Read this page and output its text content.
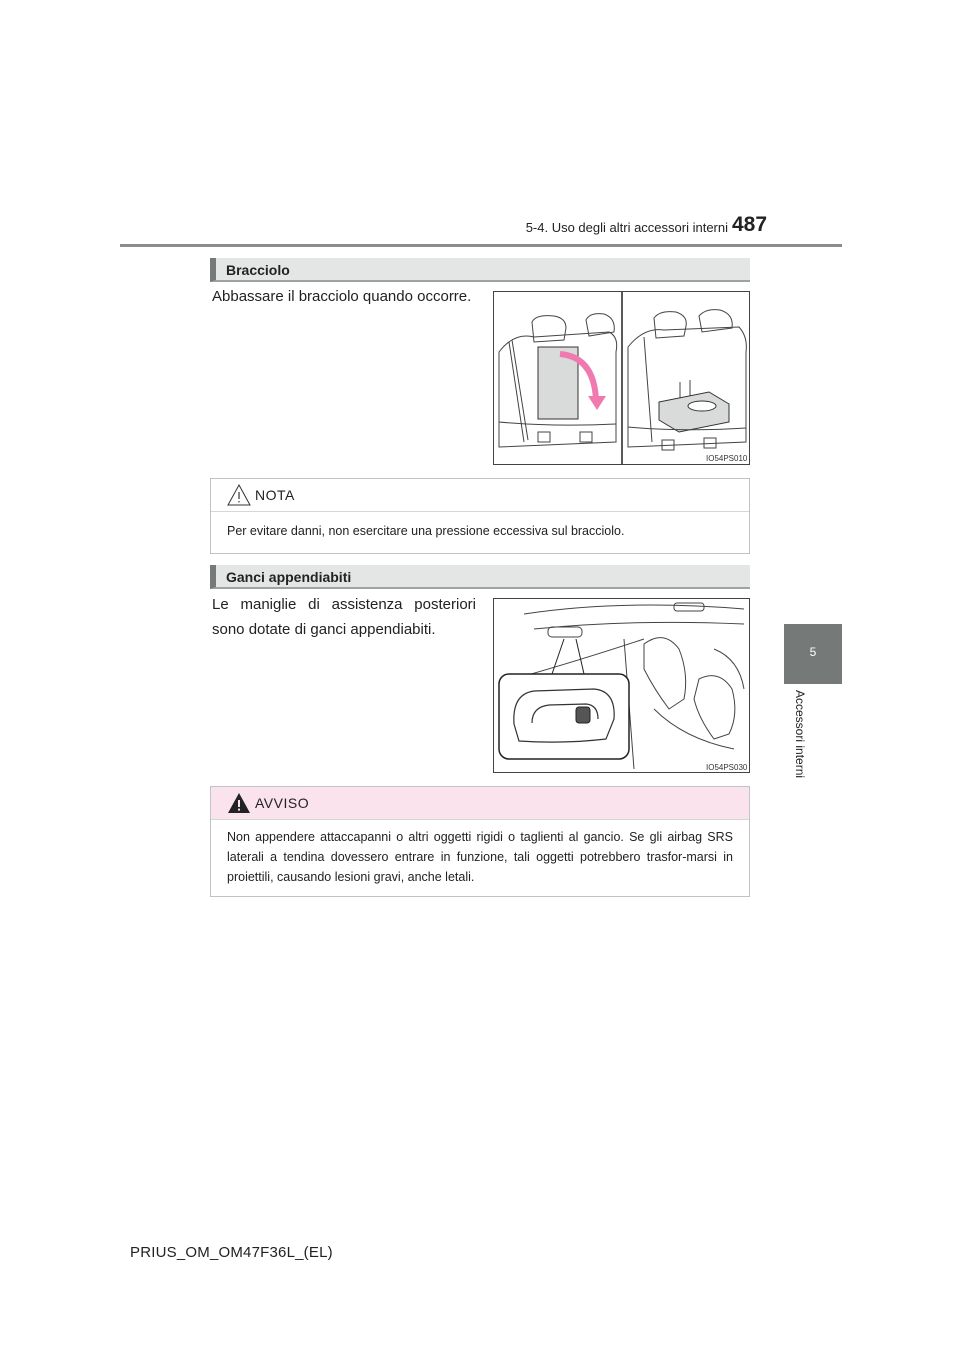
5-4. Uso degli altri accessori interni 487
5
Accessori interni
Bracciolo
Abbassare il bracciolo quando occorre.
IO54PS010
NOTA
Per evitare danni, non esercitare una pressione eccessiva sul bracciolo.
Ganci appendiabiti
Le maniglie di assistenza posteriori sono dotate di ganci appendiabiti.
IO54PS030
AVVISO
Non appendere attaccapanni o altri oggetti rigidi o taglienti al gancio. Se gli airbag SRS laterali a tendina dovessero entrare in funzione, tali oggetti potrebbero trasfor-marsi in proiettili, causando lesioni gravi, anche letali.
PRIUS_OM_OM47F36L_(EL)
